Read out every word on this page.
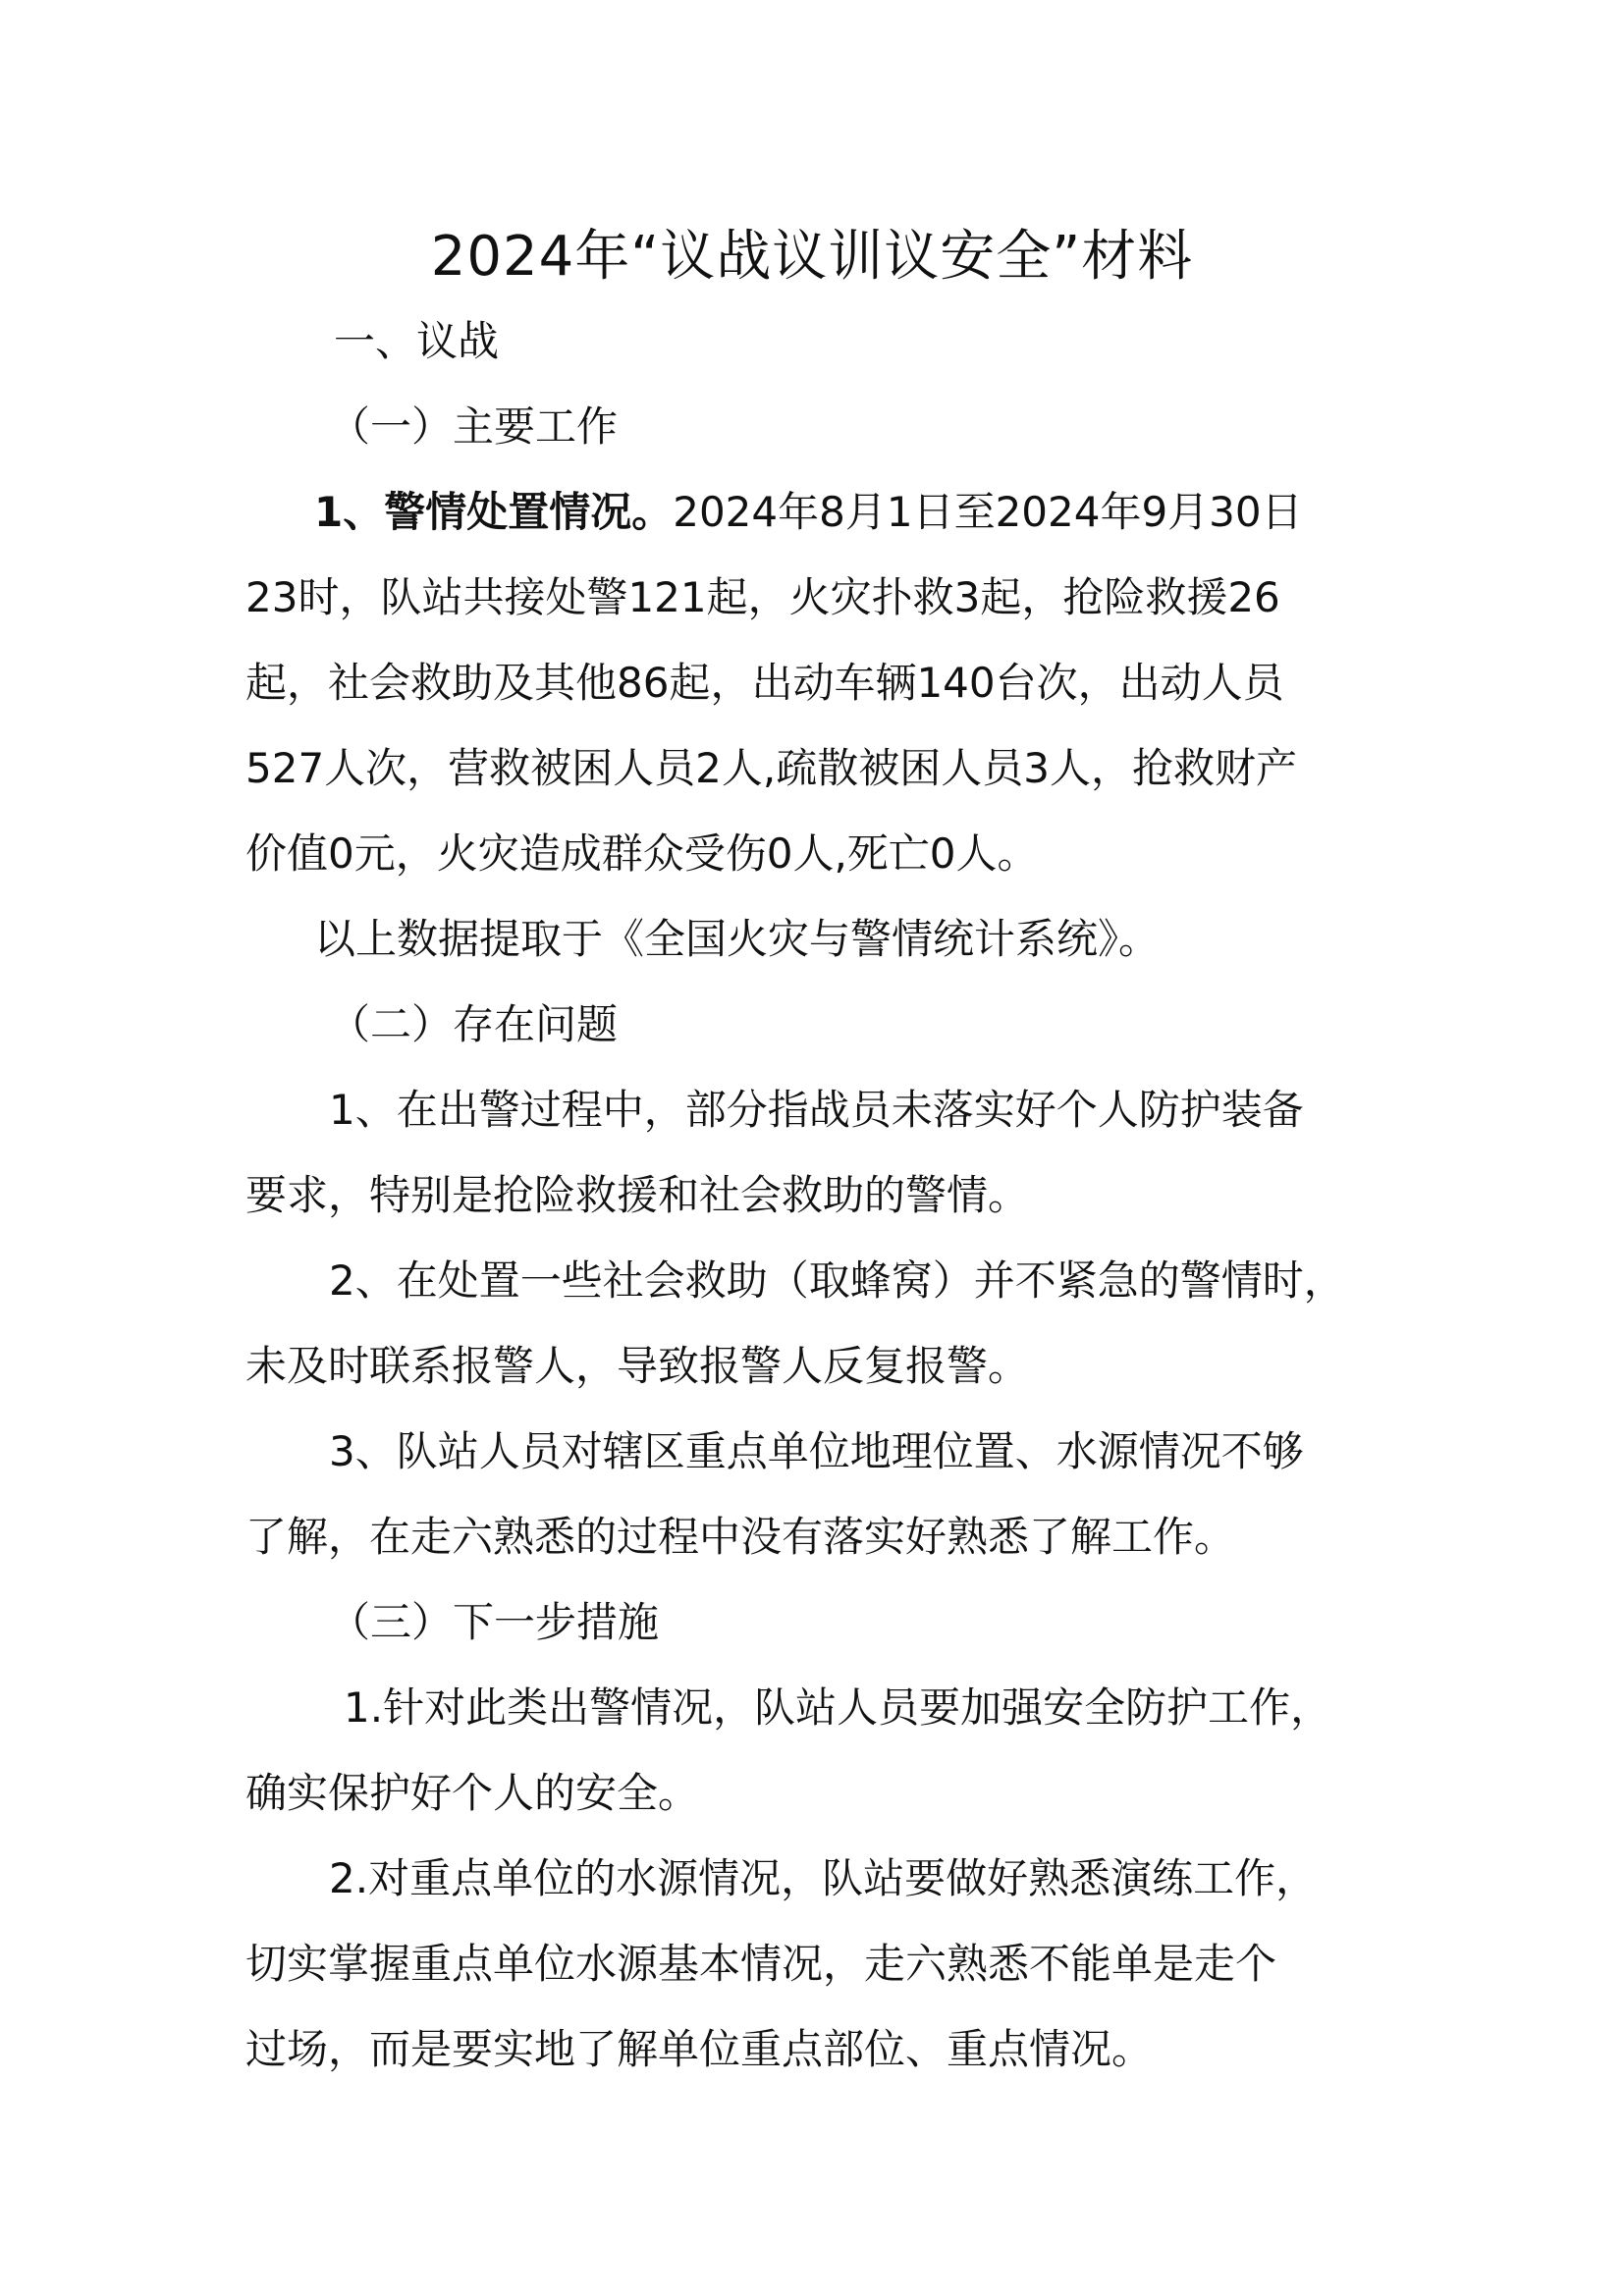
2024年“议战议训议安全”材料
一、议战
（一）主要工作
1、警情处置情况。2024年8月1日至2024年9月30日
23时，队站共接处警121起，火灾扑救3起，抢险救援26
起，社会救助及其他86起，出动车辆140台次，出动人员
527人次，营救被困人员2人,疏散被困人员3人，抢救财产
价值0元，火灾造成群众受伤0人,死亡0人。
以上数据提取于《全国火灾与警情统计系统》。
（二）存在问题
1、在出警过程中，部分指战员未落实好个人防护装备
要求，特别是抢险救援和社会救助的警情。
2、在处置一些社会救助（取蜂窝）并不紧急的警情时，
未及时联系报警人，导致报警人反复报警。
3、队站人员对辖区重点单位地理位置、水源情况不够
了解，在走六熟悉的过程中没有落实好熟悉了解工作。
（三）下一步措施
1.针对此类出警情况，队站人员要加强安全防护工作，
确实保护好个人的安全。
2.对重点单位的水源情况，队站要做好熟悉演练工作，
切实掌握重点单位水源基本情况，走六熟悉不能单是走个
过场，而是要实地了解单位重点部位、重点情况。
